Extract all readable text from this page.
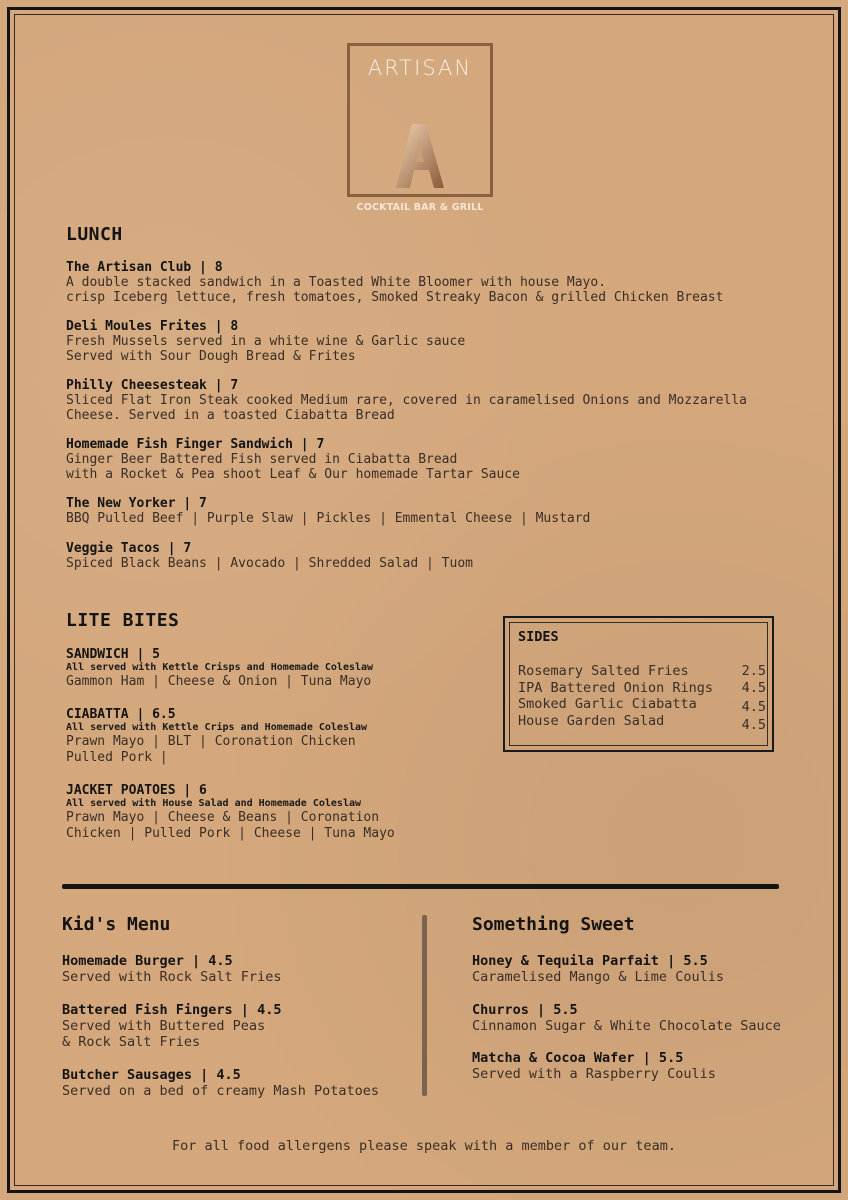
ARTISAN
COCKTAIL BAR & GRILL
LUNCH
The Artisan Club | 8
A double stacked sandwich in a Toasted White Bloomer with house Mayo.
crisp Iceberg lettuce, fresh tomatoes, Smoked Streaky Bacon & grilled Chicken Breast
Deli Moules Frites | 8
Fresh Mussels served in a white wine & Garlic sauce
Served with Sour Dough Bread & Frites
Philly Cheesesteak | 7
Sliced Flat Iron Steak cooked Medium rare, covered in caramelised Onions and Mozzarella
Cheese. Served in a toasted Ciabatta Bread
Homemade Fish Finger Sandwich | 7
Ginger Beer Battered Fish served in Ciabatta Bread
with a Rocket & Pea shoot Leaf & Our homemade Tartar Sauce
The New Yorker | 7
BBQ Pulled Beef | Purple Slaw | Pickles | Emmental Cheese | Mustard
Veggie Tacos | 7
Spiced Black Beans | Avocado | Shredded Salad | Tuom
LITE BITES
SANDWICH | 5
All served with Kettle Crisps and Homemade Coleslaw
Gammon Ham | Cheese & Onion | Tuna Mayo
CIABATTA | 6.5
All served with Kettle Crips and Homemade Coleslaw
Prawn Mayo | BLT | Coronation Chicken
Pulled Pork |
JACKET POATOES | 6
All served with House Salad and Homemade Coleslaw
Prawn Mayo | Cheese & Beans | Coronation
Chicken | Pulled Pork | Cheese | Tuna Mayo
SIDES
Rosemary Salted Fries	2.5
IPA Battered Onion Rings 4.5
Smoked Garlic Ciabatta	4.5
House Garden Salad	4.5
Kid's Menu
Homemade Burger | 4.5
Served with Rock Salt Fries
Battered Fish Fingers | 4.5
Served with Buttered Peas
& Rock Salt Fries
Butcher Sausages | 4.5
Served on a bed of creamy Mash Potatoes
Something Sweet
Honey & Tequila Parfait | 5.5
Caramelised Mango & Lime Coulis
Churros | 5.5
Cinnamon Sugar & White Chocolate Sauce
Matcha & Cocoa Wafer | 5.5
Served with a Raspberry Coulis
For all food allergens please speak with a member of our team.
